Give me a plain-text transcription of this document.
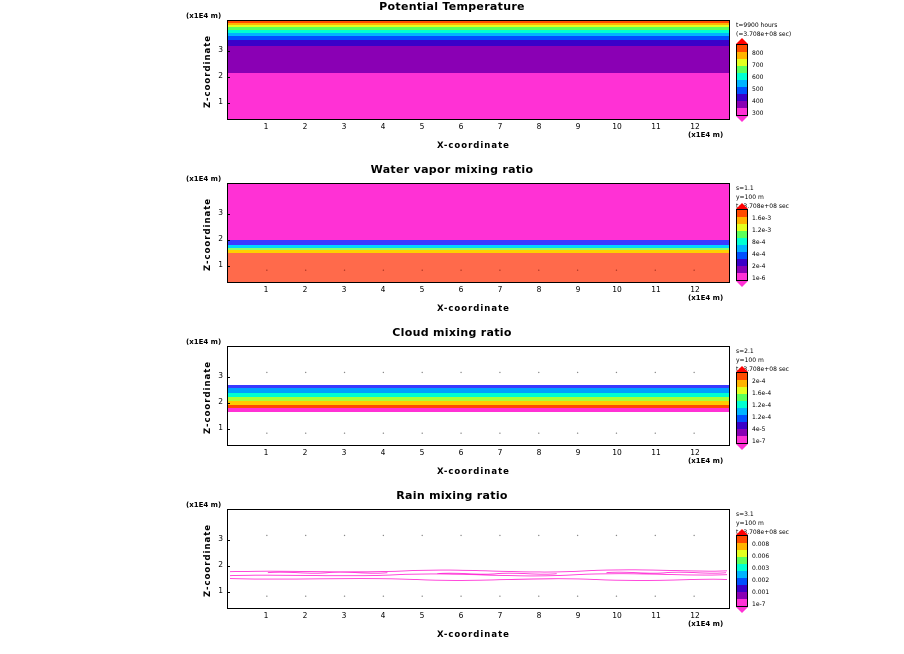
Potential Temperature
(x1E4 m)
Z-coordinate 3
2
1
1	2	3	4	5	6	7	8	9	10	11	12
(x1E4 m)
X-coordinate
t=9900 hours
(=3.708e+08 sec)
800
700
600
500
400
300
Water vapor mixing ratio
(x1E4 m)
Z-coordinate 3
2
1
1	2	3	4	5	6	7	8	9	10	11	12
(x1E4 m)
X-coordinate
s=1.1
y=100 m
t=3.708e+08 sec
1.6e-3
1.2e-3
8e-4
4e-4
2e-4
1e-6
Cloud mixing ratio
(x1E4 m)
Z-coordinate 3
2
1
1	2	3	4	5	6	7	8	9	10	11	12
(x1E4 m)
X-coordinate
s=2.1
y=100 m
t=3.708e+08 sec
2e-4
1.6e-4
1.2e-4
1.2e-4
4e-5
1e-7
Rain mixing ratio
(x1E4 m)
Z-coordinate 3
2
1
1	2	3	4	5	6	7	8	9	10	11	12
(x1E4 m)
X-coordinate
s=3.1
y=100 m
t=3.708e+08 sec
0.008
0.006
0.003
0.002
0.001
1e-7
